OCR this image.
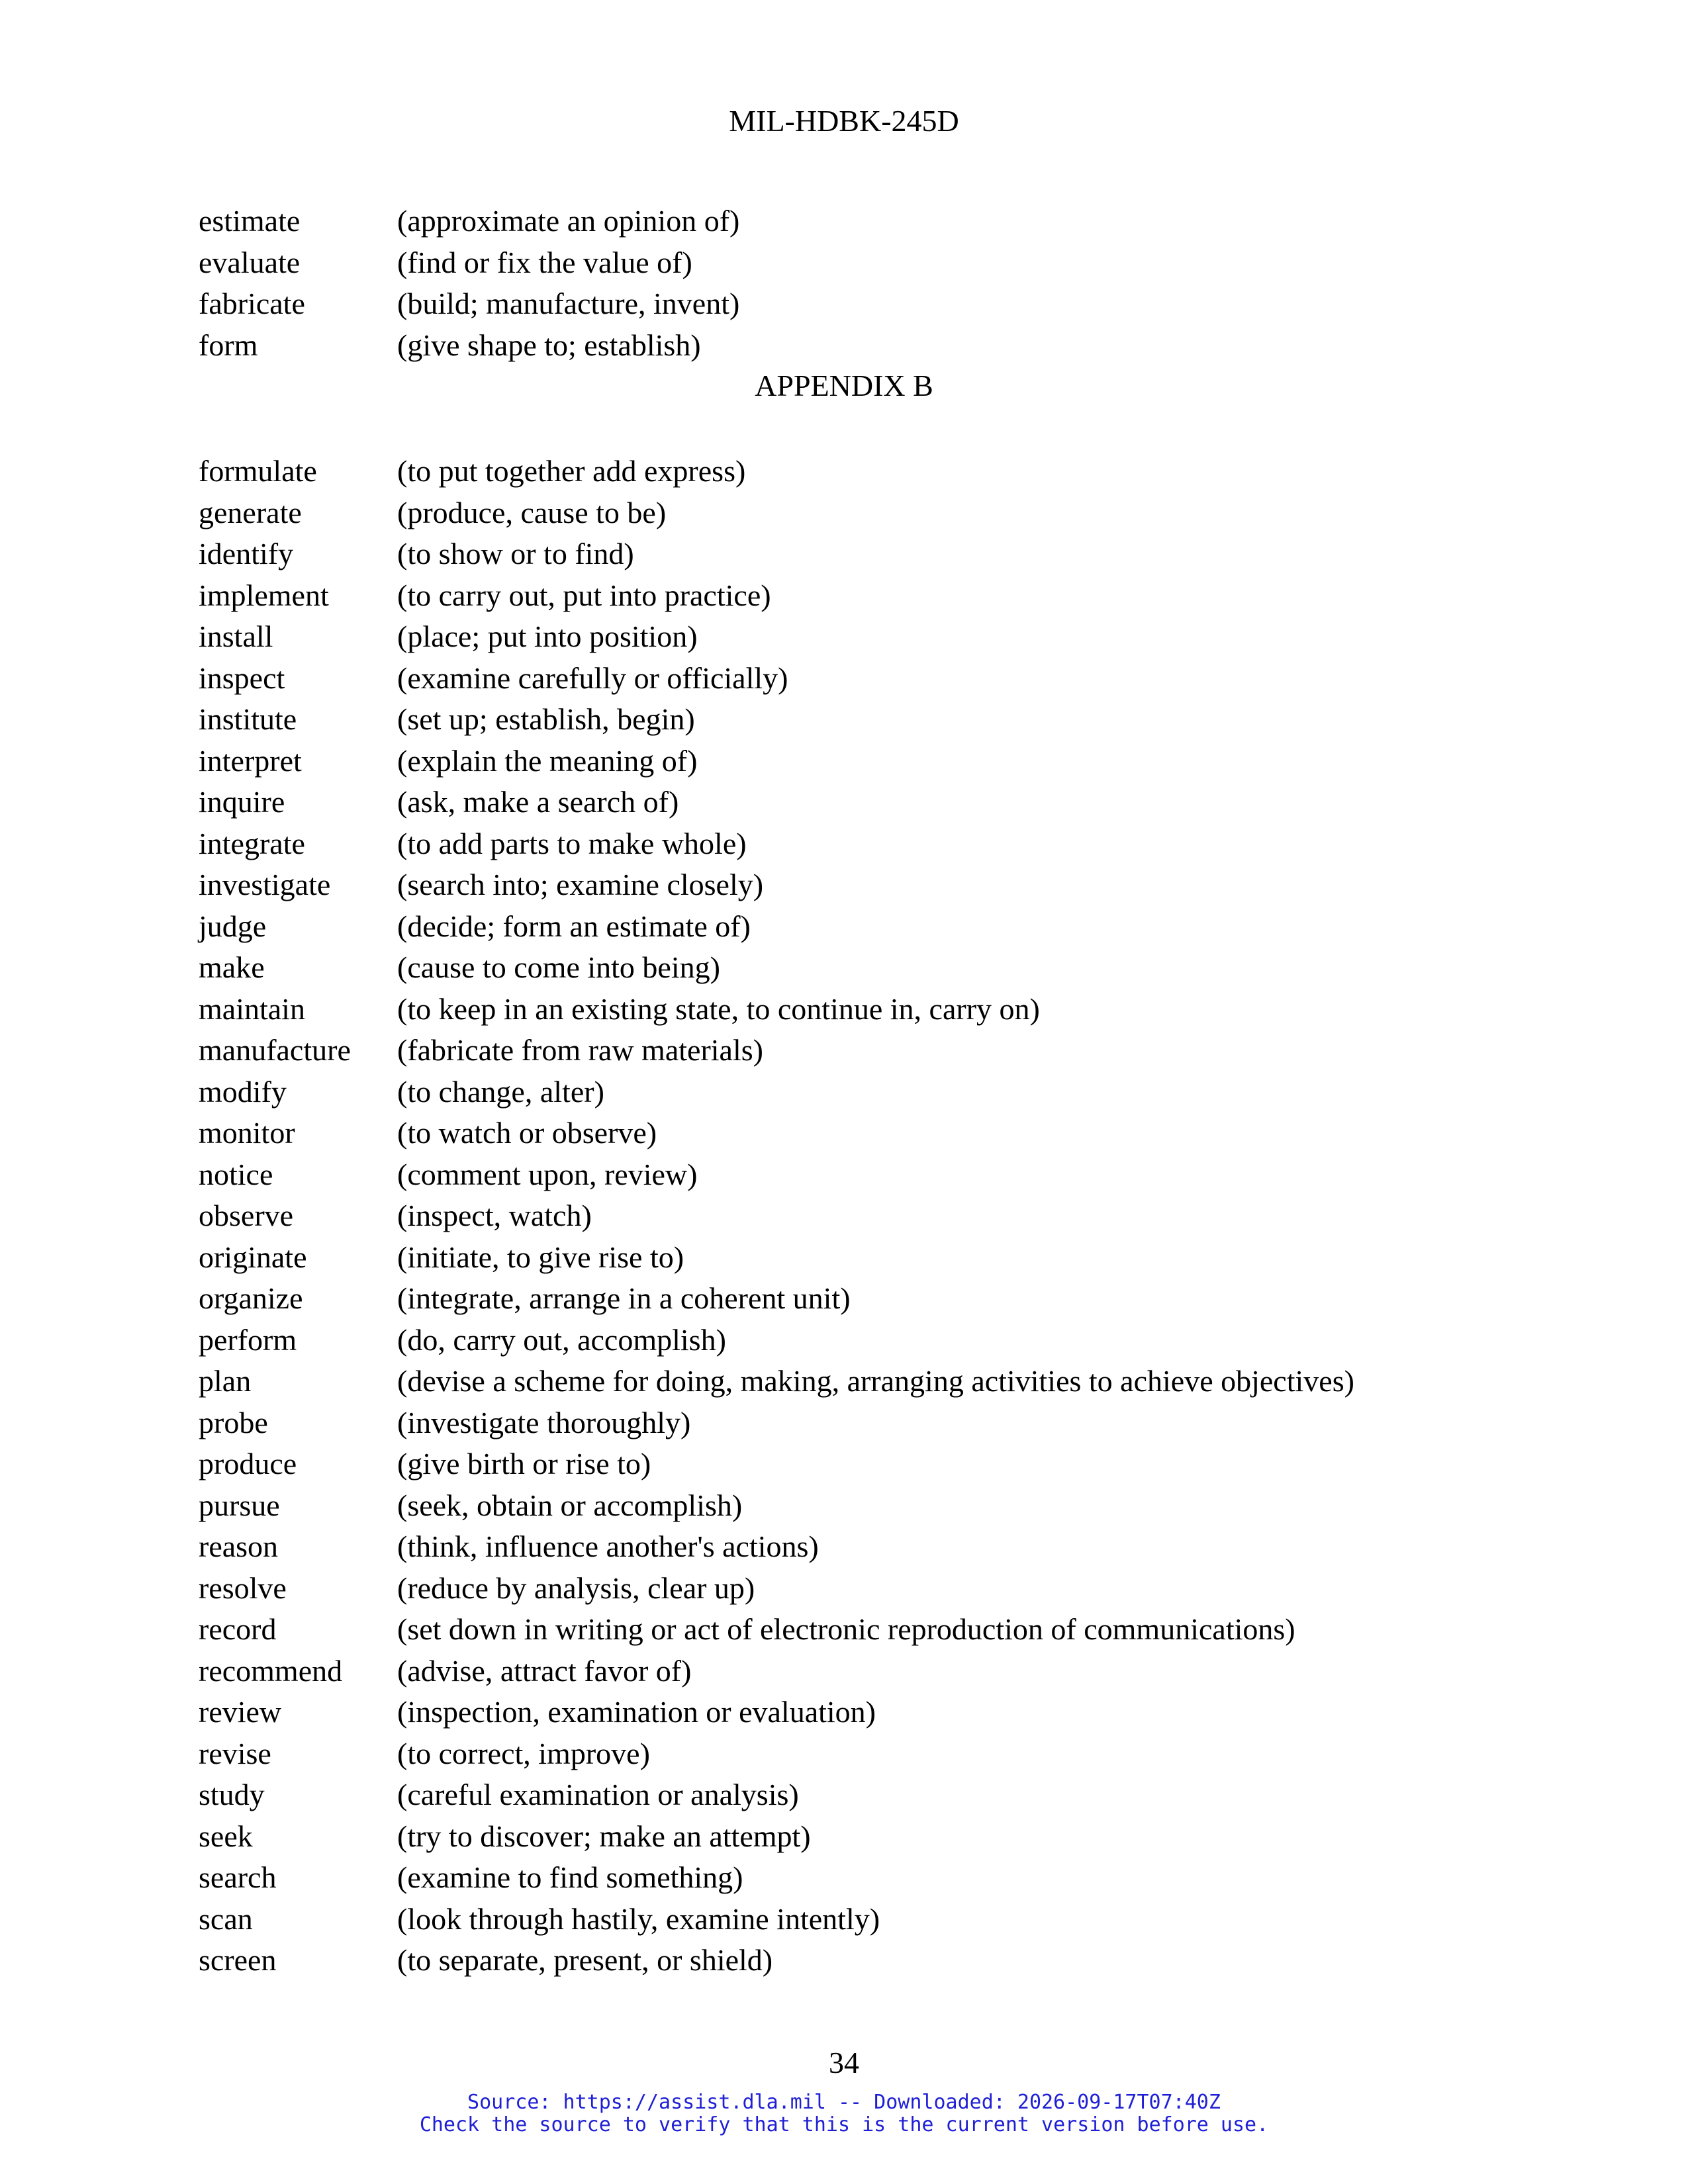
MIL-HDBK-245D
estimate	(approximate an opinion of)
evaluate	(find or fix the value of)
fabricate	(build; manufacture, invent)
form	(give shape to; establish)
APPENDIX B
formulate	(to put together add express)
generate	(produce, cause to be)
identify	(to show or to find)
implement (to carry out, put into practice)
install	(place; put into position)
inspect	(examine carefully or officially)
institute	(set up; establish, begin)
interpret	(explain the meaning of)
inquire	(ask, make a search of)
integrate	(to add parts to make whole)
investigate (search into; examine closely)
judge	(decide; form an estimate of)
make	(cause to come into being)
maintain	(to keep in an existing state, to continue in, carry on)
manufacture (fabricate from raw materials)
modify	(to change, alter)
monitor	(to watch or observe)
notice	(comment upon, review)
observe	(inspect, watch)
originate	(initiate, to give rise to)
organize	(integrate, arrange in a coherent unit)
perform	(do, carry out, accomplish)
plan	(devise a scheme for doing, making, arranging activities to achieve objectives)
probe	(investigate thoroughly)
produce	(give birth or rise to)
pursue	(seek, obtain or accomplish)
reason	(think, influence another's actions)
resolve	(reduce by analysis, clear up)
record	(set down in writing or act of electronic reproduction of communications)
recommend (advise, attract favor of)
review	(inspection, examination or evaluation)
revise	(to correct, improve)
study	(careful examination or analysis)
seek	(try to discover; make an attempt)
search	(examine to find something)
scan	(look through hastily, examine intently)
screen	(to separate, present, or shield)
34
Source: https://assist.dla.mil -- Downloaded: 2026-09-17T07:40Z
Check the source to verify that this is the current version before use.
